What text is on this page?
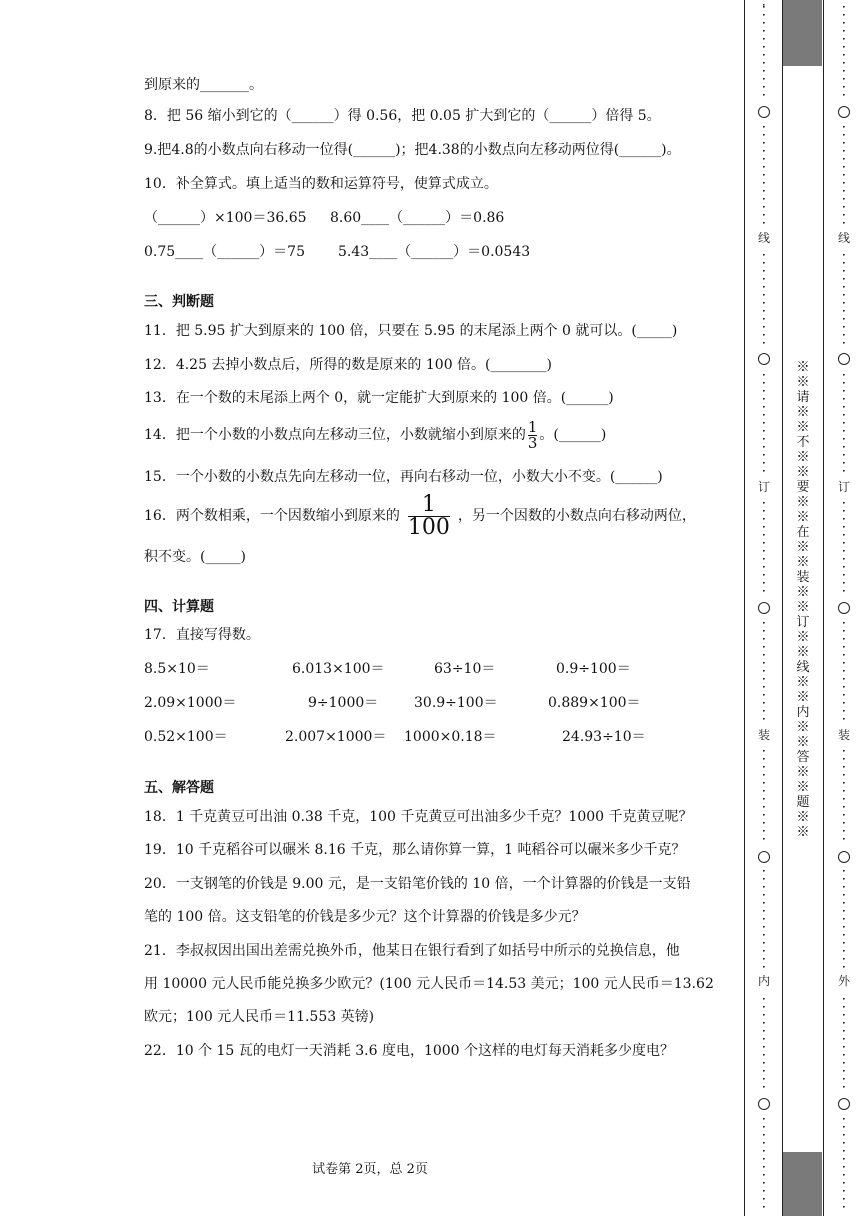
到原来的_______。
8．把 56 缩小到它的（______）得 0.56，把 0.05 扩大到它的（______）倍得 5。
9.把4.8的小数点向右移动一位得(______)；把4.38的小数点向左移动两位得(______)。
10．补全算式。填上适当的数和运算符号，使算式成立。
（______）×100＝36.65 8.60____（______）＝0.86
0.75____（______）＝75 5.43____（______）＝0.0543
三、判断题
11．把 5.95 扩大到原来的 100 倍，只要在 5.95 的末尾添上两个 0 就可以。(_____)
12．4.25 去掉小数点后，所得的数是原来的 100 倍。(________)
13．在一个数的末尾添上两个 0，就一定能扩大到原来的 100 倍。(______)
14．把一个小数的小数点向左移动三位，小数就缩小到原来的 $\frac{1}{3}$ 。(______)
15．一个小数的小数点先向左移动一位，再向右移动一位，小数大小不变。(______)
16．两个数相乘，一个因数缩小到原来的 $\frac{1}{100}$ ，另一个因数的小数点向右移动两位，
积不变。(_____)
四、计算题
17．直接写得数。
8.5×10＝	6.013×100＝	63÷10＝	0.9÷100＝
2.09×1000＝	9÷1000＝	30.9÷100＝	0.889×100＝
0.52×100＝	2.007×1000＝ 1000×0.18＝	24.93÷10＝
五、解答题
18．1 千克黄豆可出油 0.38 千克，100 千克黄豆可出油多少千克？1000 千克黄豆呢？
19．10 千克稻谷可以碾米 8.16 千克，那么请你算一算，1 吨稻谷可以碾米多少千克？
20．一支钢笔的价钱是 9.00 元，是一支铅笔价钱的 10 倍，一个计算器的价钱是一支铅
笔的 100 倍。这支铅笔的价钱是多少元？这个计算器的价钱是多少元？
21．李叔叔因出国出差需兑换外币，他某日在银行看到了如括号中所示的兑换信息，他
用 10000 元人民币能兑换多少欧元？(100 元人民币＝14.53 美元；100 元人民币＝13.62
欧元；100 元人民币＝11.553 英镑)
22．10 个 15 瓦的电灯一天消耗 3.6 度电，1000 个这样的电灯每天消耗多少度电？
试卷第 2页，总 2页
※※请※※不※※要※※在※※装※※订※※线※※内※※答※※题※※
线
订
装
内
线
订
装
外
